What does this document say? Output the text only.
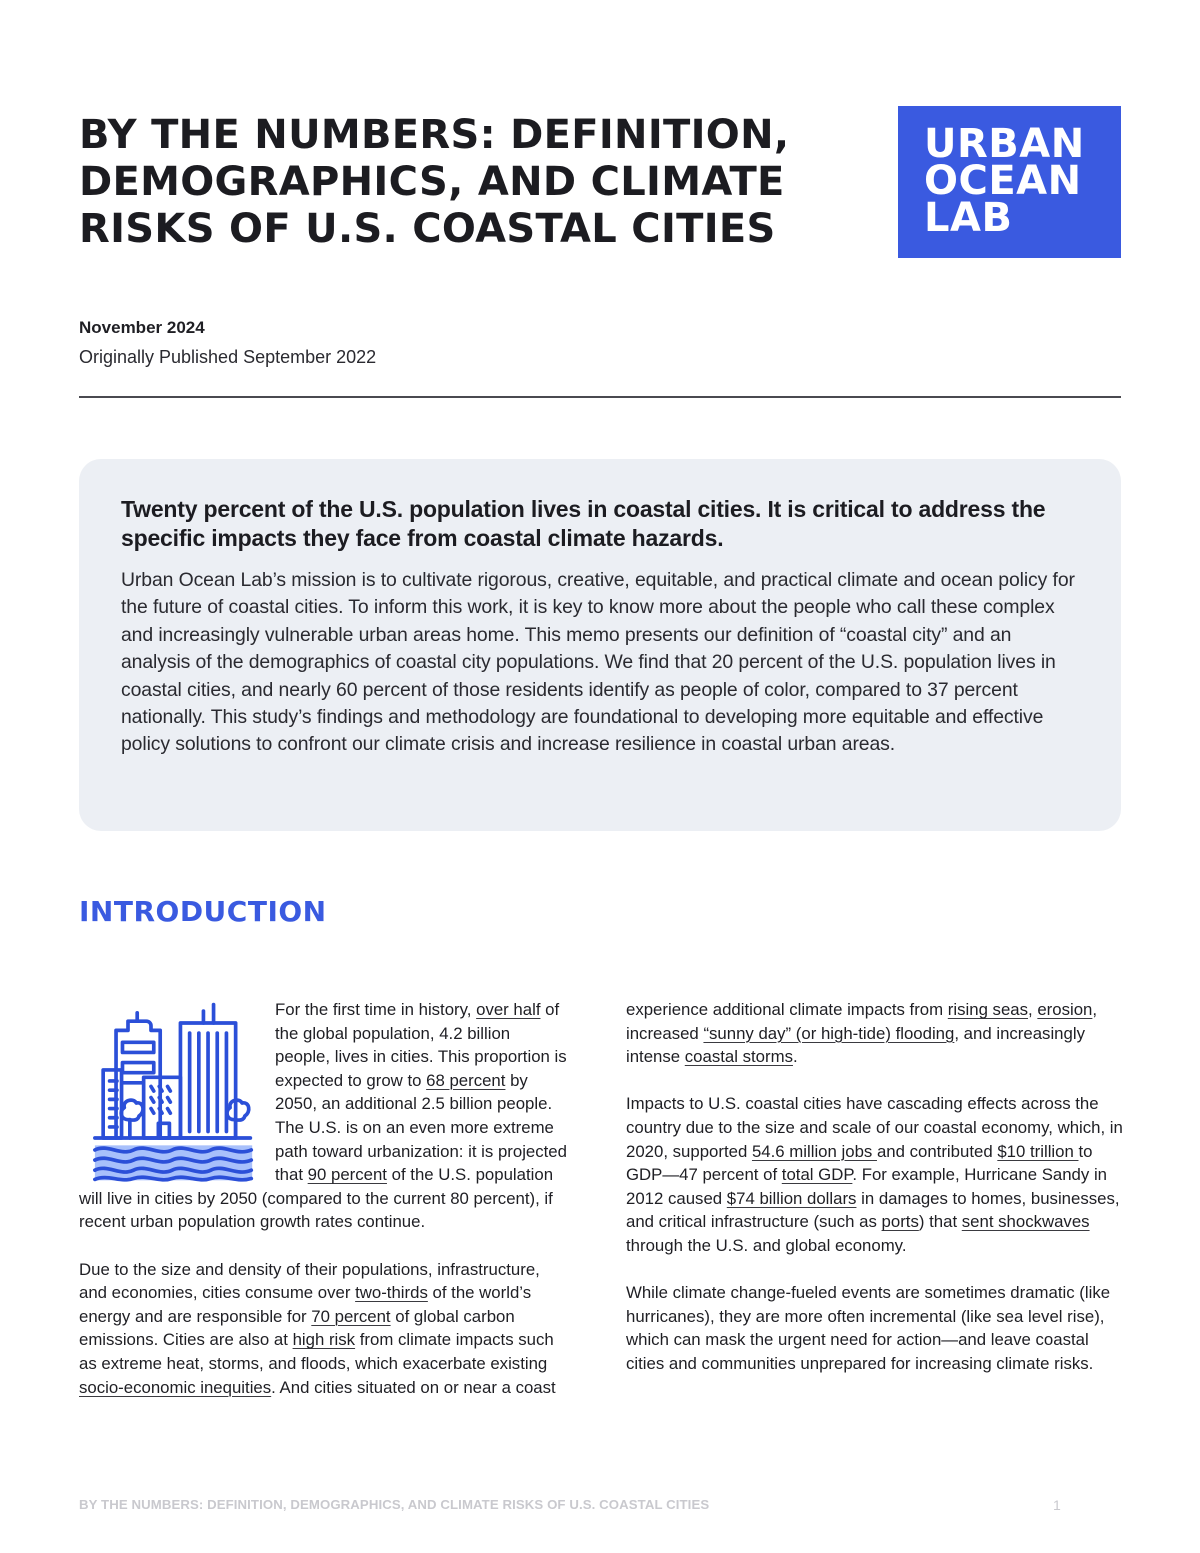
BY THE NUMBERS: DEFINITION, DEMOGRAPHICS, AND CLIMATE RISKS OF U.S. COASTAL CITIES
URBAN
OCEAN
LAB
November 2024
Originally Published September 2022
Twenty percent of the U.S. population lives in coastal cities. It is critical to address the specific impacts they face from coastal climate hazards.
Urban Ocean Lab’s mission is to cultivate rigorous, creative, equitable, and practical climate and ocean policy for the future of coastal cities. To inform this work, it is key to know more about the people who call these complex and increasingly vulnerable urban areas home. This memo presents our definition of “coastal city” and an analysis of the demographics of coastal city populations. We find that 20 percent of the U.S. population lives in coastal cities, and nearly 60 percent of those residents identify as people of color, compared to 37 percent nationally. This study’s findings and methodology are foundational to developing more equitable and effective policy solutions to confront our climate crisis and increase resilience in coastal urban areas.
INTRODUCTION

For the first time in history, over half of the global population, 4.2 billion people, lives in cities. This proportion is expected to grow to 68 percent by 2050, an additional 2.5 billion people. The U.S. is on an even more extreme path toward urbanization: it is projected that 90 percent of the U.S. population will live in cities by 2050 (compared to the current 80 percent), if recent urban population growth rates continue.

Due to the size and density of their populations, infrastructure, and economies, cities consume over two-thirds of the world’s energy and are responsible for 70 percent of global carbon emissions. Cities are also at high risk from climate impacts such as extreme heat, storms, and floods, which exacerbate existing socio-economic inequities. And cities situated on or near a coast

experience additional climate impacts from rising seas, erosion, increased “sunny day” (or high-tide) flooding, and increasingly intense coastal storms.

Impacts to U.S. coastal cities have cascading effects across the country due to the size and scale of our coastal economy, which, in 2020, supported 54.6 million jobs and contributed $10 trillion to GDP—47 percent of total GDP. For example, Hurricane Sandy in 2012 caused $74 billion dollars in damages to homes, businesses, and critical infrastructure (such as ports) that sent shockwaves through the U.S. and global economy.

While climate change-fueled events are sometimes dramatic (like hurricanes), they are more often incremental (like sea level rise), which can mask the urgent need for action—and leave coastal cities and communities unprepared for increasing climate risks.

BY THE NUMBERS: DEFINITION, DEMOGRAPHICS, AND CLIMATE RISKS OF U.S. COASTAL CITIES	1
